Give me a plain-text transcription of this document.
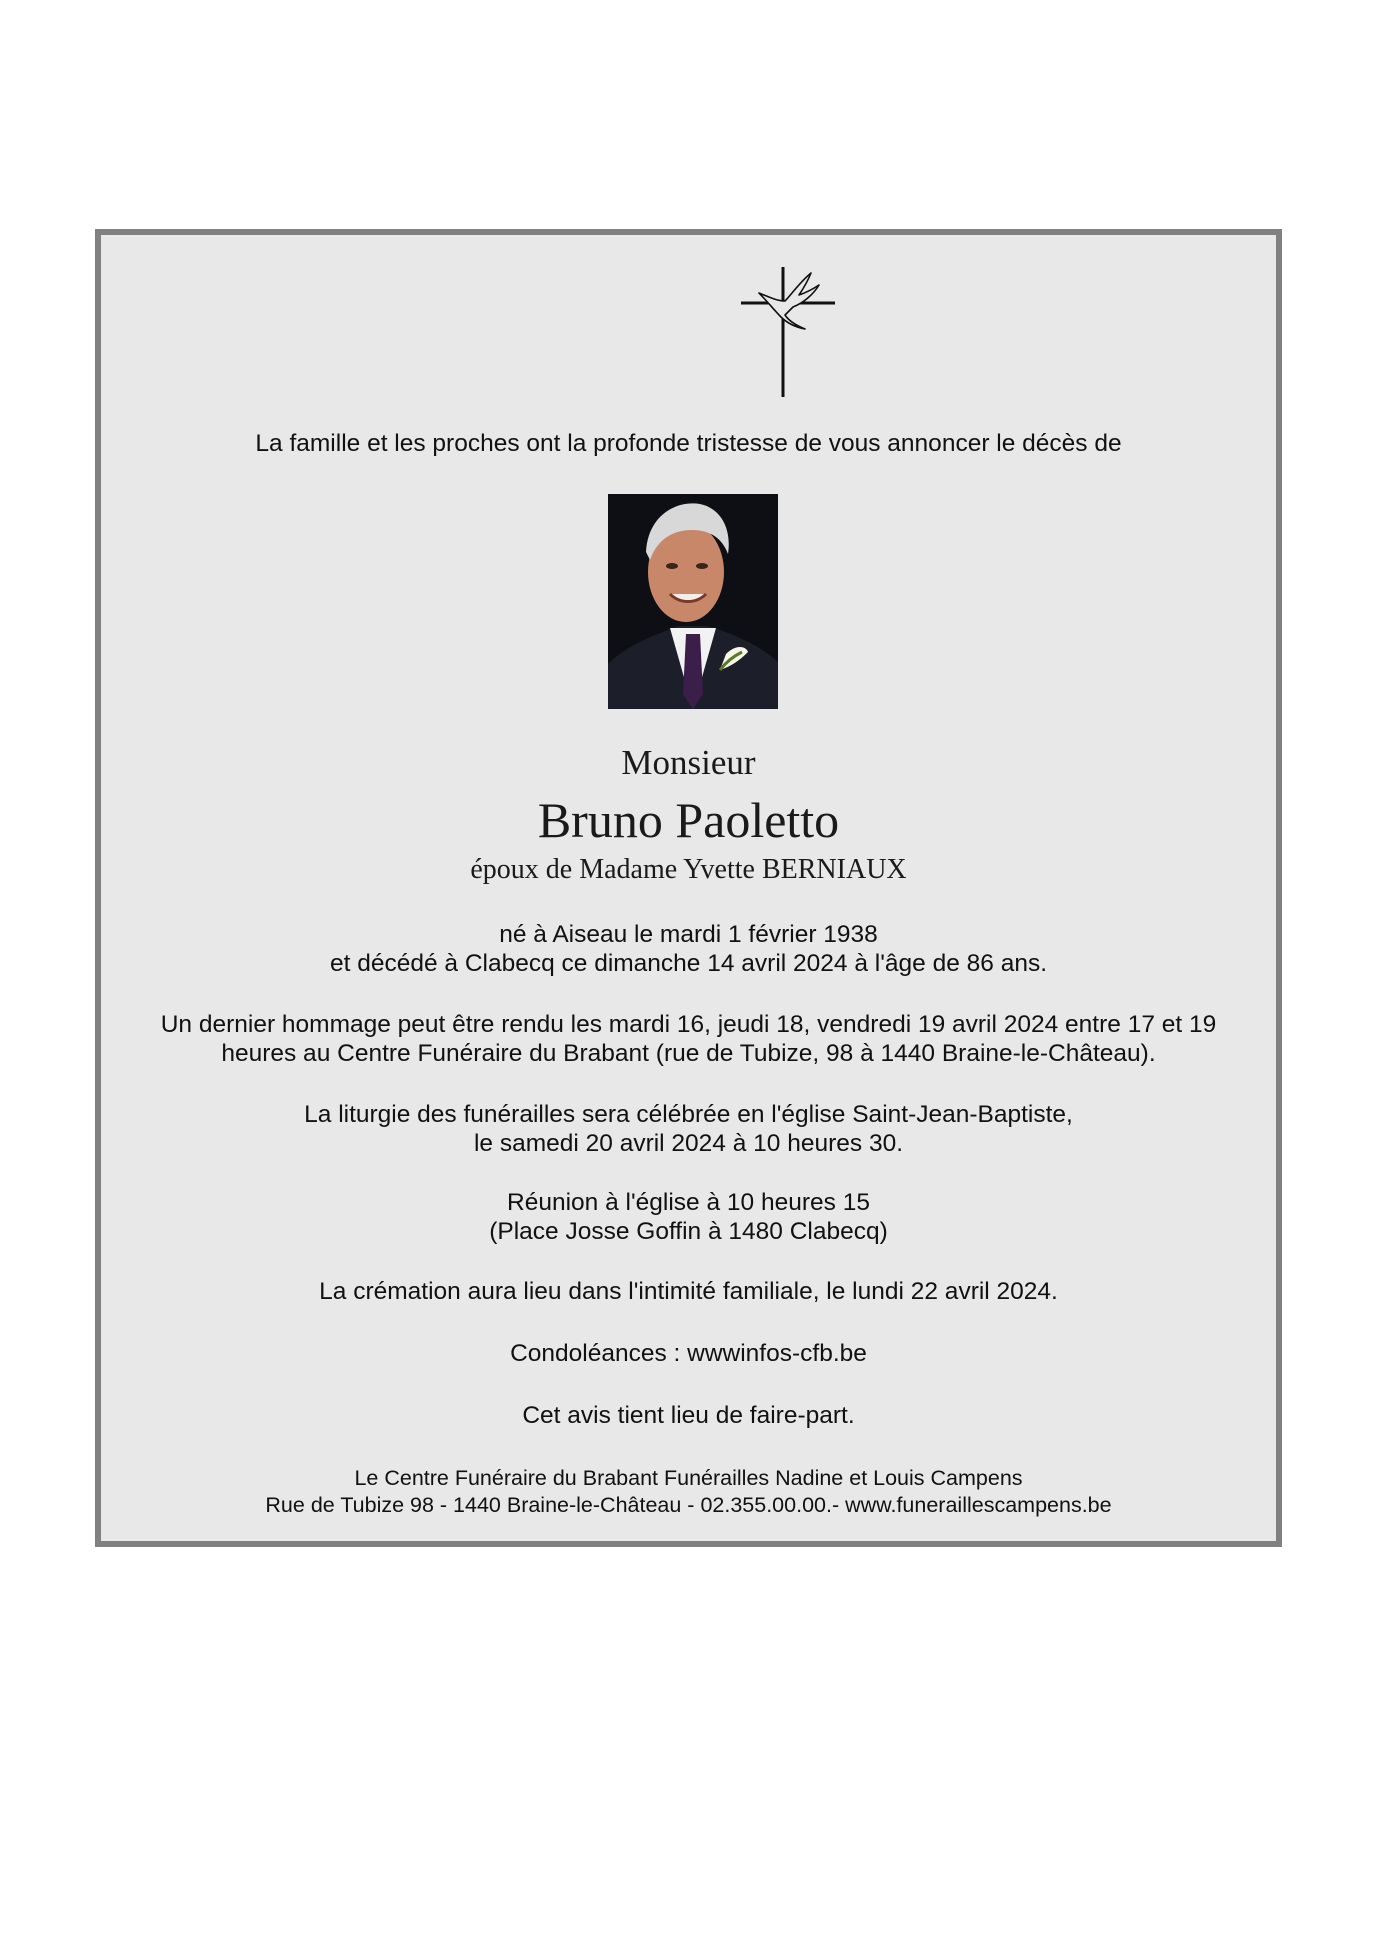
La famille et les proches ont la profonde tristesse de vous annoncer le décès de
Monsieur
Bruno Paoletto
époux de Madame Yvette BERNIAUX
né à Aiseau le mardi 1 février 1938
et décédé à Clabecq ce dimanche 14 avril 2024 à l'âge de 86 ans.
Un dernier hommage peut être rendu les mardi 16, jeudi 18, vendredi 19 avril 2024 entre 17 et 19
heures au Centre Funéraire du Brabant (rue de Tubize, 98 à 1440 Braine-le-Château).
La liturgie des funérailles sera célébrée en l'église Saint-Jean-Baptiste,
le samedi 20 avril 2024 à 10 heures 30.
Réunion à l'église à 10 heures 15
(Place Josse Goffin à 1480 Clabecq)
La crémation aura lieu dans l'intimité familiale, le lundi 22 avril 2024.
Condoléances : wwwinfos-cfb.be
Cet avis tient lieu de faire-part.
Le Centre Funéraire du Brabant Funérailles Nadine et Louis Campens
Rue de Tubize 98 - 1440 Braine-le-Château - 02.355.00.00.- www.funeraillescampens.be
